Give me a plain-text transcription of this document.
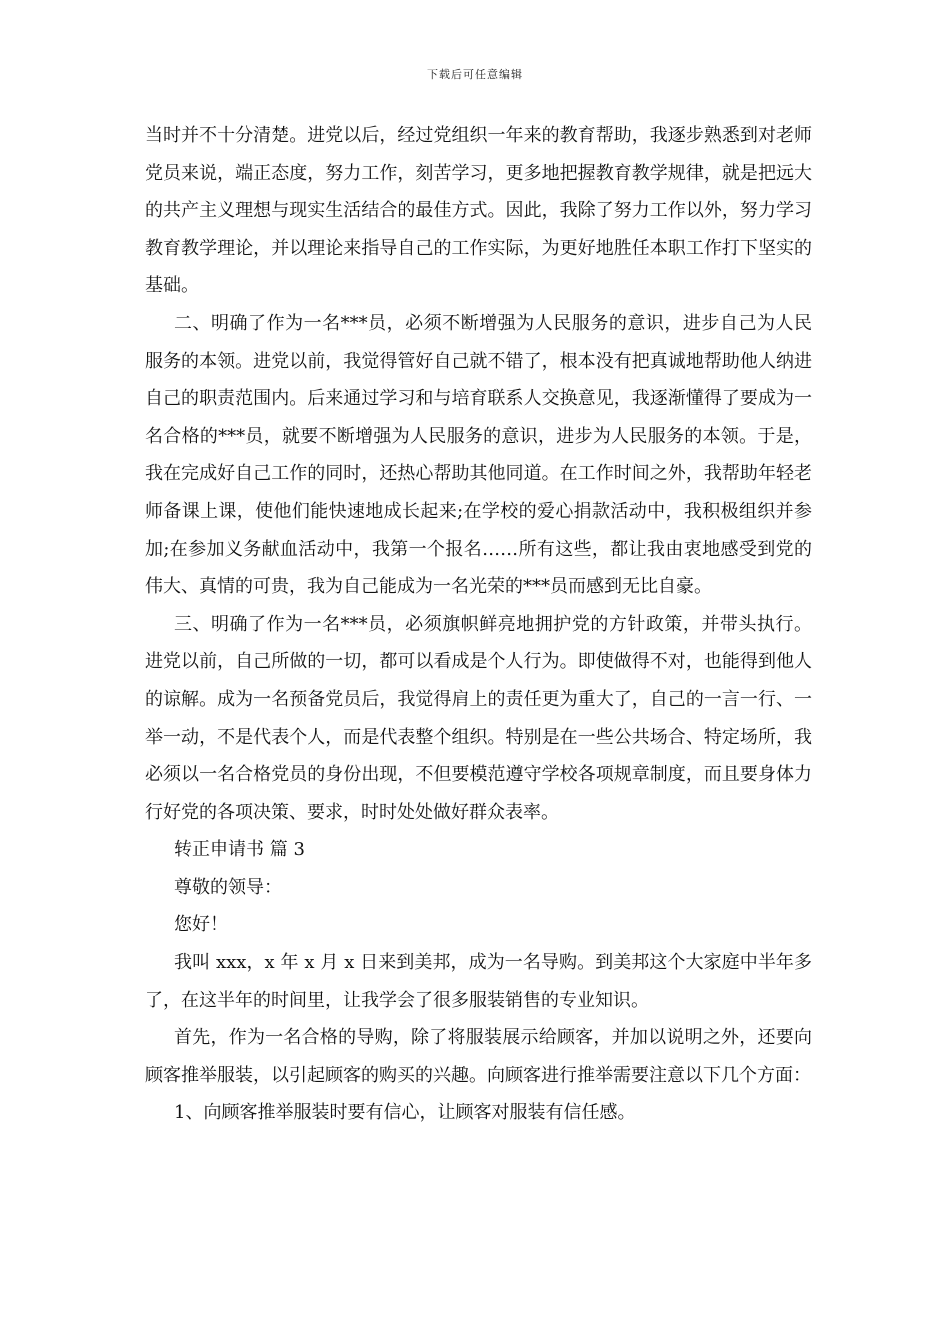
下载后可任意编辑

当时并不十分清楚。进党以后，经过党组织一年来的教育帮助，我逐步熟悉到对老师党员来说，端正态度，努力工作，刻苦学习，更多地把握教育教学规律，就是把远大的共产主义理想与现实生活结合的最佳方式。因此，我除了努力工作以外，努力学习教育教学理论，并以理论来指导自己的工作实际，为更好地胜任本职工作打下坚实的基础。

二、明确了作为一名***员，必须不断增强为人民服务的意识，进步自己为人民服务的本领。进党以前，我觉得管好自己就不错了，根本没有把真诚地帮助他人纳进自己的职责范围内。后来通过学习和与培育联系人交换意见，我逐渐懂得了要成为一名合格的***员，就要不断增强为人民服务的意识，进步为人民服务的本领。于是，我在完成好自己工作的同时，还热心帮助其他同道。在工作时间之外，我帮助年轻老师备课上课，使他们能快速地成长起来;在学校的爱心捐款活动中，我积极组织并参加;在参加义务献血活动中，我第一个报名……所有这些，都让我由衷地感受到党的伟大、真情的可贵，我为自己能成为一名光荣的***员而感到无比自豪。

三、明确了作为一名***员，必须旗帜鲜亮地拥护党的方针政策，并带头执行。进党以前，自己所做的一切，都可以看成是个人行为。即使做得不对，也能得到他人的谅解。成为一名预备党员后，我觉得肩上的责任更为重大了，自己的一言一行、一举一动，不是代表个人，而是代表整个组织。特别是在一些公共场合、特定场所，我必须以一名合格党员的身份出现，不但要模范遵守学校各项规章制度，而且要身体力行好党的各项决策、要求，时时处处做好群众表率。

转正申请书 篇 3

尊敬的领导：

您好！

我叫 xxx，x 年 x 月 x 日来到美邦，成为一名导购。到美邦这个大家庭中半年多了，在这半年的时间里，让我学会了很多服装销售的专业知识。

首先，作为一名合格的导购，除了将服装展示给顾客，并加以说明之外，还要向顾客推举服装，以引起顾客的购买的兴趣。向顾客进行推举需要注意以下几个方面：

1、向顾客推举服装时要有信心，让顾客对服装有信任感。
